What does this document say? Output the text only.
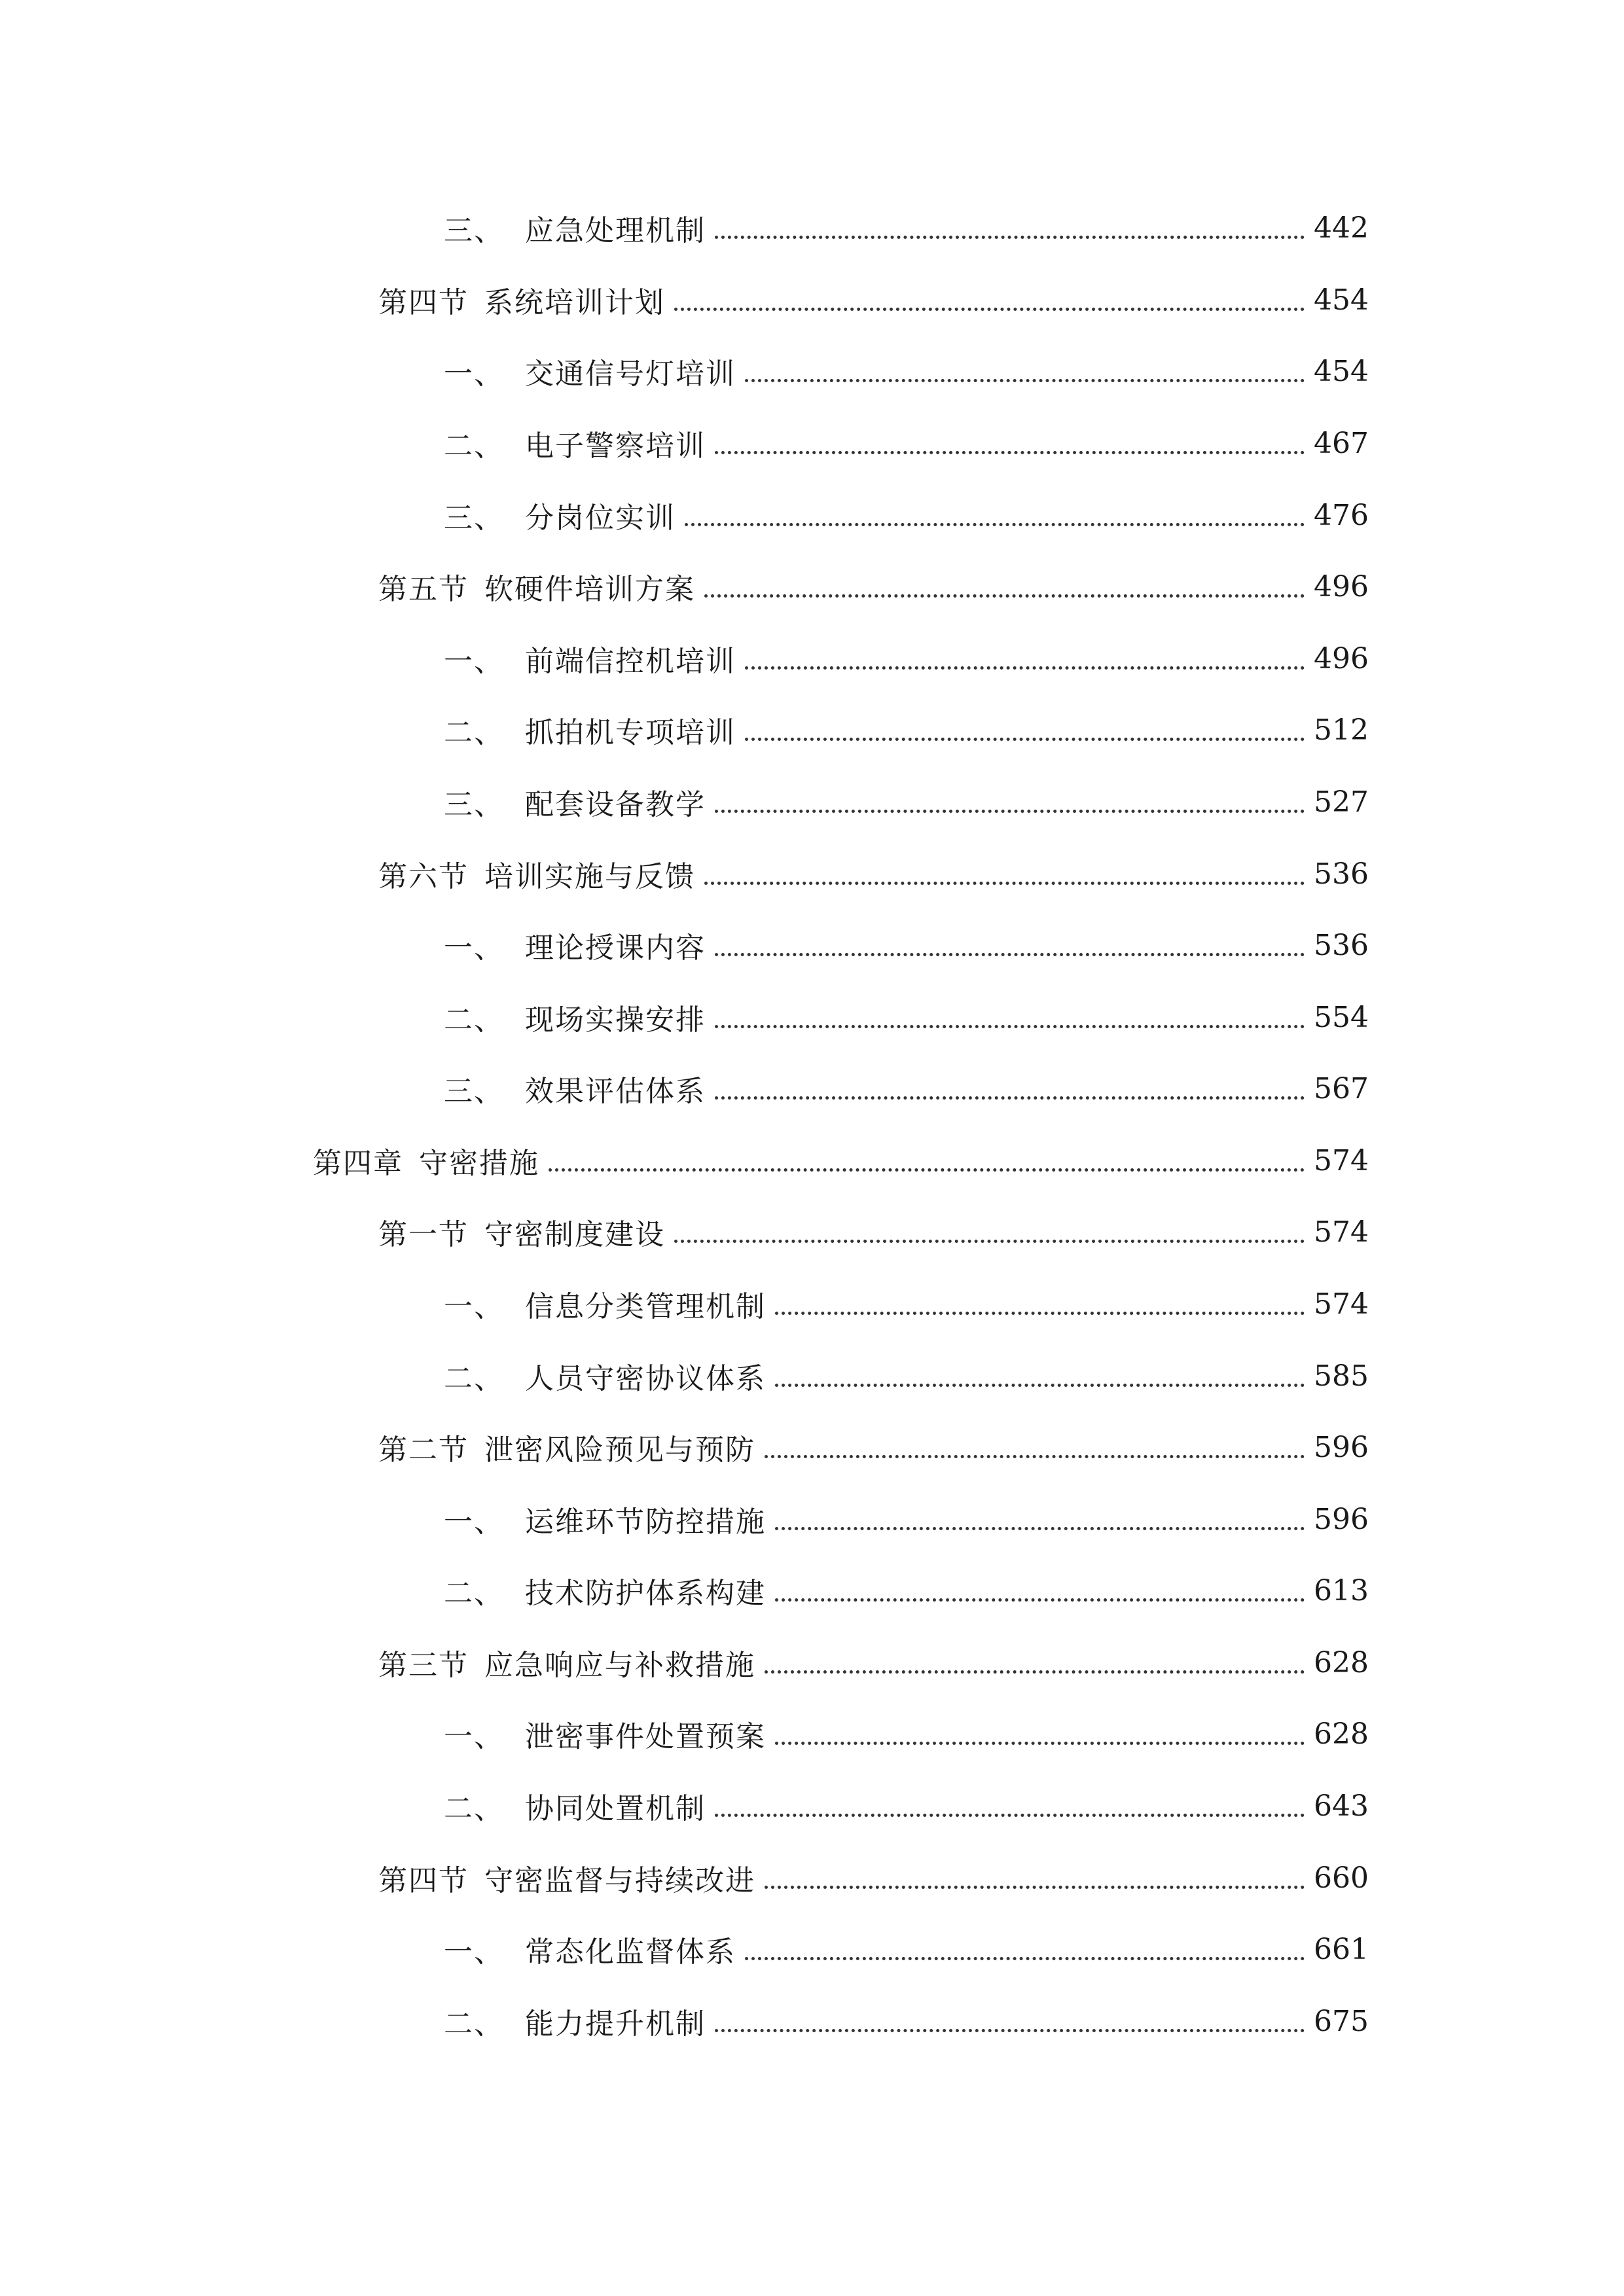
三、 应急处理机制	442
第四节 系统培训计划	454
一、 交通信号灯培训	454
二、 电子警察培训	467
三、 分岗位实训	476
第五节 软硬件培训方案	496
一、 前端信控机培训	496
二、 抓拍机专项培训	512
三、 配套设备教学	527
第六节 培训实施与反馈	536
一、 理论授课内容	536
二、 现场实操安排	554
三、 效果评估体系	567
第四章 守密措施	574
第一节 守密制度建设	574
一、 信息分类管理机制	574
二、 人员守密协议体系	585
第二节 泄密风险预见与预防	596
一、 运维环节防控措施	596
二、 技术防护体系构建	613
第三节 应急响应与补救措施	628
一、 泄密事件处置预案	628
二、 协同处置机制	643
第四节 守密监督与持续改进	660
一、 常态化监督体系	661
二、 能力提升机制	675
